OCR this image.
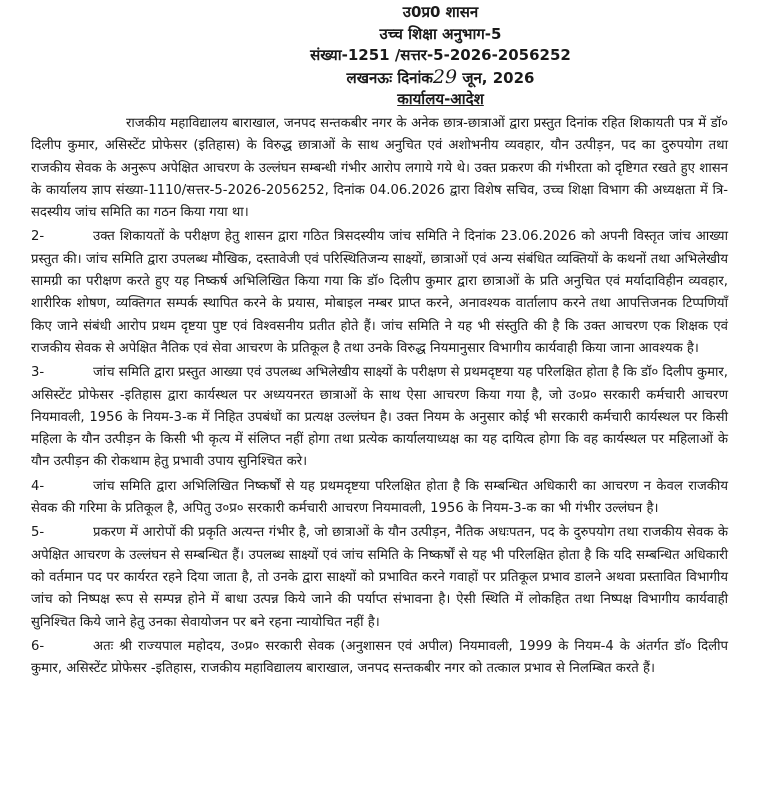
उ0प्र0 शासन
उच्च शिक्षा अनुभाग-5
संख्या-1251 /सत्तर-5-2026-2056252
लखनऊः दिनांक29 जून, 2026
कार्यालय-आदेश
राजकीय महाविद्यालय बाराखाल, जनपद सन्तकबीर नगर के अनेक छात्र-छात्राओं द्वारा प्रस्तुत दिनांक रहित शिकायती पत्र में डॉ० दिलीप कुमार, असिस्टेंट प्रोफेसर (इतिहास) के विरुद्ध छात्राओं के साथ अनुचित एवं अशोभनीय व्यवहार, यौन उत्पीड़न, पद का दुरुपयोग तथा राजकीय सेवक के अनुरूप अपेक्षित आचरण के उल्लंघन सम्बन्धी गंभीर आरोप लगाये गये थे। उक्त प्रकरण की गंभीरता को दृष्टिगत रखते हुए शासन के कार्यालय ज्ञाप संख्या-1110/सत्तर-5-2026-2056252, दिनांक 04.06.2026 द्वारा विशेष सचिव, उच्च शिक्षा विभाग की अध्यक्षता में त्रि-सदस्यीय जांच समिति का गठन किया गया था।
2-	उक्त शिकायतों के परीक्षण हेतु शासन द्वारा गठित त्रिसदस्यीय जांच समिति ने दिनांक 23.06.2026 को अपनी विस्तृत जांच आख्या प्रस्तुत की। जांच समिति द्वारा उपलब्ध मौखिक, दस्तावेजी एवं परिस्थितिजन्य साक्ष्यों, छात्राओं एवं अन्य संबंधित व्यक्तियों के कथनों तथा अभिलेखीय सामग्री का परीक्षण करते हुए यह निष्कर्ष अभिलिखित किया गया कि डॉ० दिलीप कुमार द्वारा छात्राओं के प्रति अनुचित एवं मर्यादाविहीन व्यवहार, शारीरिक शोषण, व्यक्तिगत सम्पर्क स्थापित करने के प्रयास, मोबाइल नम्बर प्राप्त करने, अनावश्यक वार्तालाप करने तथा आपत्तिजनक टिप्पणियाँ किए जाने संबंधी आरोप प्रथम दृष्टया पुष्ट एवं विश्वसनीय प्रतीत होते हैं। जांच समिति ने यह भी संस्तुति की है कि उक्त आचरण एक शिक्षक एवं राजकीय सेवक से अपेक्षित नैतिक एवं सेवा आचरण के प्रतिकूल है तथा उनके विरुद्ध नियमानुसार विभागीय कार्यवाही किया जाना आवश्यक है।
3-	जांच समिति द्वारा प्रस्तुत आख्या एवं उपलब्ध अभिलेखीय साक्ष्यों के परीक्षण से प्रथमदृष्टया यह परिलक्षित होता है कि डॉ० दिलीप कुमार, असिस्टेंट प्रोफेसर -इतिहास द्वारा कार्यस्थल पर अध्ययनरत छात्राओं के साथ ऐसा आचरण किया गया है, जो उ०प्र० सरकारी कर्मचारी आचरण नियमावली, 1956 के नियम-3-क में निहित उपबंधों का प्रत्यक्ष उल्लंघन है। उक्त नियम के अनुसार कोई भी सरकारी कर्मचारी कार्यस्थल पर किसी महिला के यौन उत्पीड़न के किसी भी कृत्य में संलिप्त नहीं होगा तथा प्रत्येक कार्यालयाध्यक्ष का यह दायित्व होगा कि वह कार्यस्थल पर महिलाओं के यौन उत्पीड़न की रोकथाम हेतु प्रभावी उपाय सुनिश्चित करे।
4-	जांच समिति द्वारा अभिलिखित निष्कर्षों से यह प्रथमदृष्टया परिलक्षित होता है कि सम्बन्धित अधिकारी का आचरण न केवल राजकीय सेवक की गरिमा के प्रतिकूल है, अपितु उ०प्र० सरकारी कर्मचारी आचरण नियमावली, 1956 के नियम-3-क का भी गंभीर उल्लंघन है।
5-	प्रकरण में आरोपों की प्रकृति अत्यन्त गंभीर है, जो छात्राओं के यौन उत्पीड़न, नैतिक अधःपतन, पद के दुरुपयोग तथा राजकीय सेवक के अपेक्षित आचरण के उल्लंघन से सम्बन्धित हैं। उपलब्ध साक्ष्यों एवं जांच समिति के निष्कर्षों से यह भी परिलक्षित होता है कि यदि सम्बन्धित अधिकारी को वर्तमान पद पर कार्यरत रहने दिया जाता है, तो उनके द्वारा साक्ष्यों को प्रभावित करने गवाहों पर प्रतिकूल प्रभाव डालने अथवा प्रस्तावित विभागीय जांच को निष्पक्ष रूप से सम्पन्न होने में बाधा उत्पन्न किये जाने की पर्याप्त संभावना है। ऐसी स्थिति में लोकहित तथा निष्पक्ष विभागीय कार्यवाही सुनिश्चित किये जाने हेतु उनका सेवायोजन पर बने रहना न्यायोचित नहीं है।
6-	अतः श्री राज्यपाल महोदय, उ०प्र० सरकारी सेवक (अनुशासन एवं अपील) नियमावली, 1999 के नियम-4 के अंतर्गत डॉ० दिलीप कुमार, असिस्टेंट प्रोफेसर -इतिहास, राजकीय महाविद्यालय बाराखाल, जनपद सन्तकबीर नगर को तत्काल प्रभाव से निलम्बित करते हैं।
